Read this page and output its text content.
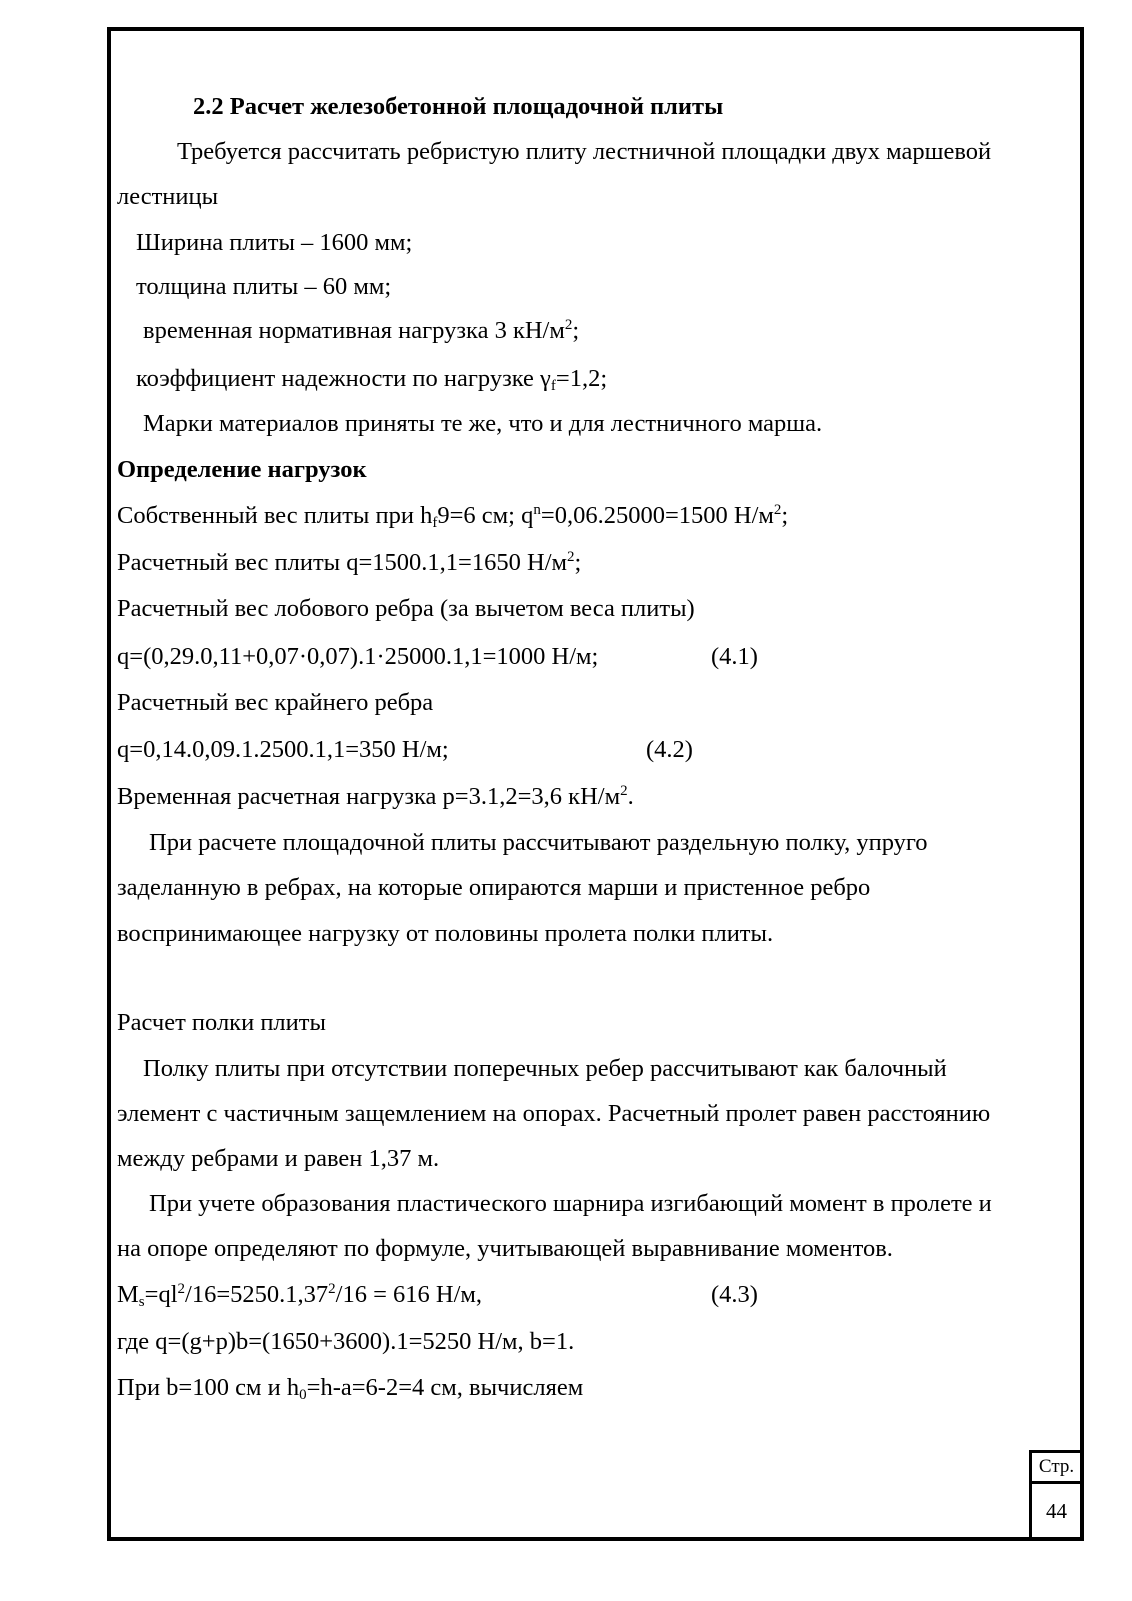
2.2 Расчет железобетонной площадочной плиты
Требуется рассчитать ребристую плиту лестничной площадки двух маршевой
лестницы
Ширина плиты – 1600 мм;
толщина плиты – 60 мм;
временная нормативная нагрузка 3 $кН/м^2$;
коэффициент надежности по нагрузке $\gamma_f=1,2$;
Марки материалов приняты те же, что и для лестничного марша.
Определение нагрузок
Собственный вес плиты при $h_f9=6$ см; $q^n=0,06.25000=1500$ $Н/м^2$;
Расчетный вес плиты q=1500.1,1=1650 $Н/м^2$;
Расчетный вес лобового ребра (за вычетом веса плиты)
q=(0,29.0,11+0,07·0,07).1·25000.1,1=1000 Н/м;	(4.1)
Расчетный вес крайнего ребра
q=0,14.0,09.1.2500.1,1=350 Н/м;	(4.2)
Временная расчетная нагрузка p=3.1,2=3,6 $кН/м^2$.
При расчете площадочной плиты рассчитывают раздельную полку, упруго
заделанную в ребрах, на которые опираются марши и пристенное ребро
воспринимающее нагрузку от половины пролета полки плиты.
Расчет полки плиты
Полку плиты при отсутствии поперечных ребер рассчитывают как балочный
элемент с частичным защемлением на опорах. Расчетный пролет равен расстоянию
между ребрами и равен 1,37 м.
При учете образования пластического шарнира изгибающий момент в пролете и
на опоре определяют по формуле, учитывающей выравнивание моментов.
$M_s=ql^2/16=5250.1,37^2/16 = 616$ Н/м,	(4.3)
где q=(g+p)b=(1650+3600).1=5250 Н/м, b=1.
При b=100 см и $h_0=h-a=6-2=4$ см, вычисляем
Стр.
44
